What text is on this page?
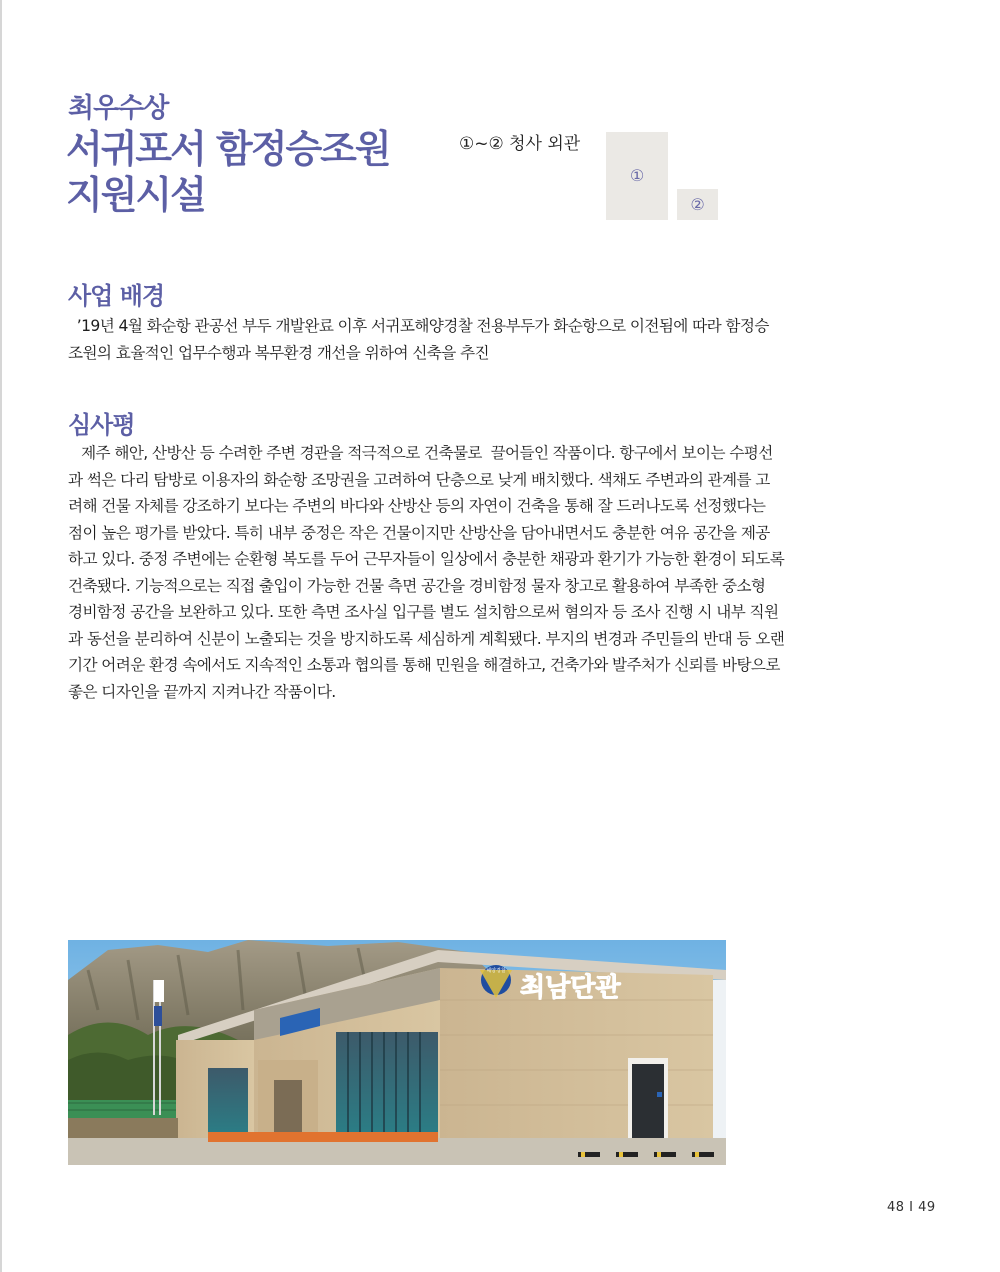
최우수상
서귀포서 함정승조원
지원시설
①~② 청사 외관
①
②
사업 배경
’19년 4월 화순항 관공선 부두 개발완료 이후 서귀포해양경찰 전용부두가 화순항으로 이전됨에 따라 함정승
조원의 효율적인 업무수행과 복무환경 개선을 위하여 신축을 추진
심사평
제주 해안, 산방산 등 수려한 주변 경관을 적극적으로 건축물로  끌어들인 작품이다. 항구에서 보이는 수평선
과 썩은 다리 탐방로 이용자의 화순항 조망권을 고려하여 단층으로 낮게 배치했다. 색채도 주변과의 관계를 고
려해 건물 자체를 강조하기 보다는 주변의 바다와 산방산 등의 자연이 건축을 통해 잘 드러나도록 선정했다는
점이 높은 평가를 받았다. 특히 내부 중정은 작은 건물이지만 산방산을 담아내면서도 충분한 여유 공간을 제공
하고 있다. 중정 주변에는 순환형 복도를 두어 근무자들이 일상에서 충분한 채광과 환기가 가능한 환경이 되도록
건축됐다. 기능적으로는 직접 출입이 가능한 건물 측면 공간을 경비함정 물자 창고로 활용하여 부족한 중소형
경비함정 공간을 보완하고 있다. 또한 측면 조사실 입구를 별도 설치함으로써 혐의자 등 조사 진행 시 내부 직원
과 동선을 분리하여 신분이 노출되는 것을 방지하도록 세심하게 계획됐다. 부지의 변경과 주민들의 반대 등 오랜
기간 어려운 환경 속에서도 지속적인 소통과 협의를 통해 민원을 해결하고, 건축가와 발주처가 신뢰를 바탕으로
좋은 디자인을 끝까지 지켜나간 작품이다.
해양경찰
최남단관
48 I 49
